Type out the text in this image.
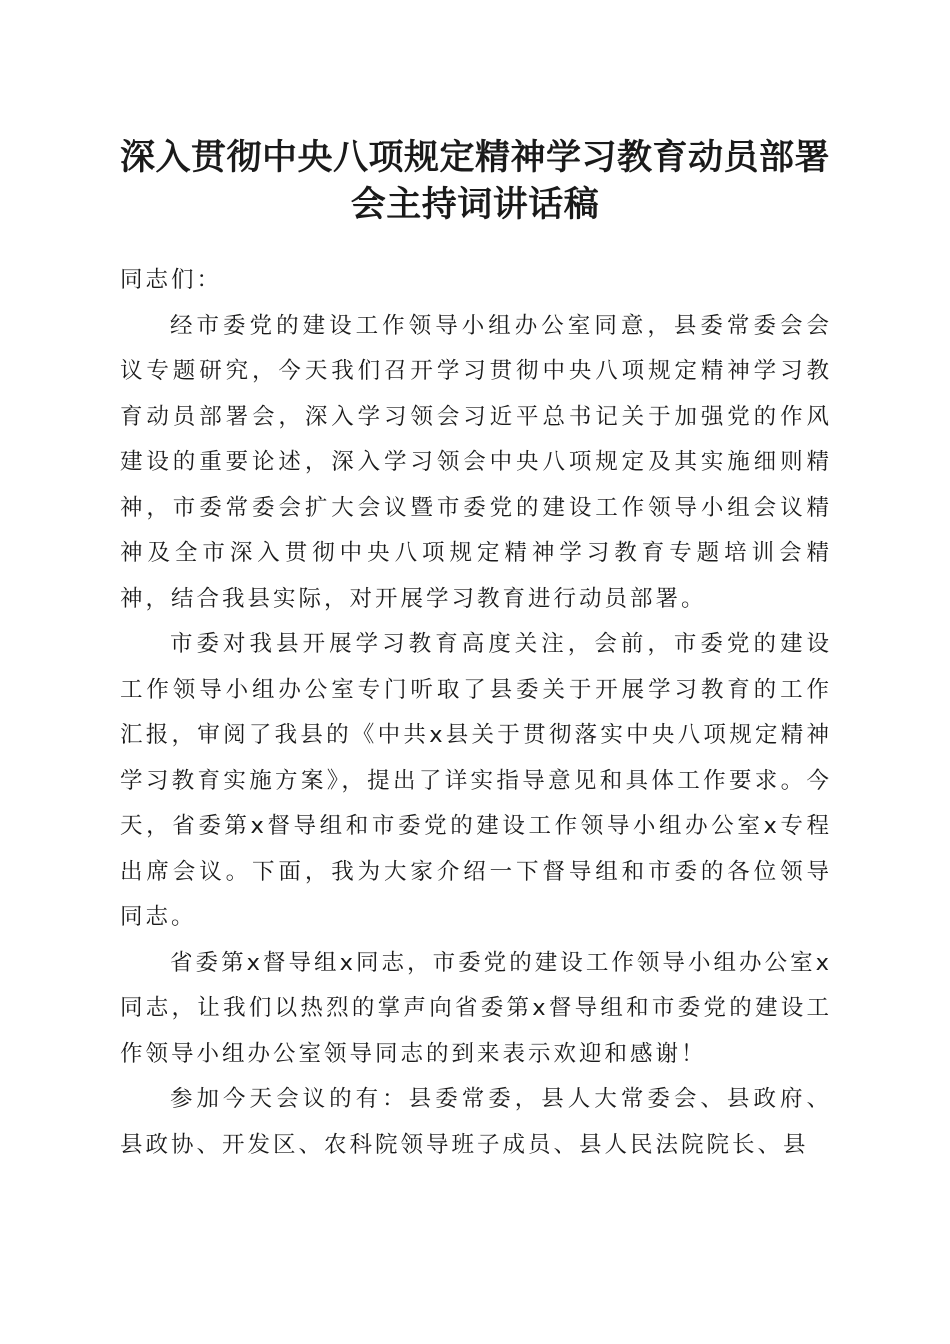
深入贯彻中央八项规定精神学习教育动员部署
会主持词讲话稿

同志们：

经市委党的建设工作领导小组办公室同意，县委常委会会议专题研究，今天我们召开学习贯彻中央八项规定精神学习教育动员部署会，深入学习领会习近平总书记关于加强党的作风建设的重要论述，深入学习领会中央八项规定及其实施细则精神，市委常委会扩大会议暨市委党的建设工作领导小组会议精神及全市深入贯彻中央八项规定精神学习教育专题培训会精神，结合我县实际，对开展学习教育进行动员部署。

市委对我县开展学习教育高度关注，会前，市委党的建设工作领导小组办公室专门听取了县委关于开展学习教育的工作汇报，审阅了我县的《中共x县关于贯彻落实中央八项规定精神学习教育实施方案》，提出了详实指导意见和具体工作要求。今天，省委第x督导组和市委党的建设工作领导小组办公室x专程出席会议。下面，我为大家介绍一下督导组和市委的各位领导同志。

省委第x督导组x同志，市委党的建设工作领导小组办公室x同志，让我们以热烈的掌声向省委第x督导组和市委党的建设工作领导小组办公室领导同志的到来表示欢迎和感谢！

参加今天会议的有：县委常委，县人大常委会、县政府、县政协、开发区、农科院领导班子成员、县人民法院院长、县
